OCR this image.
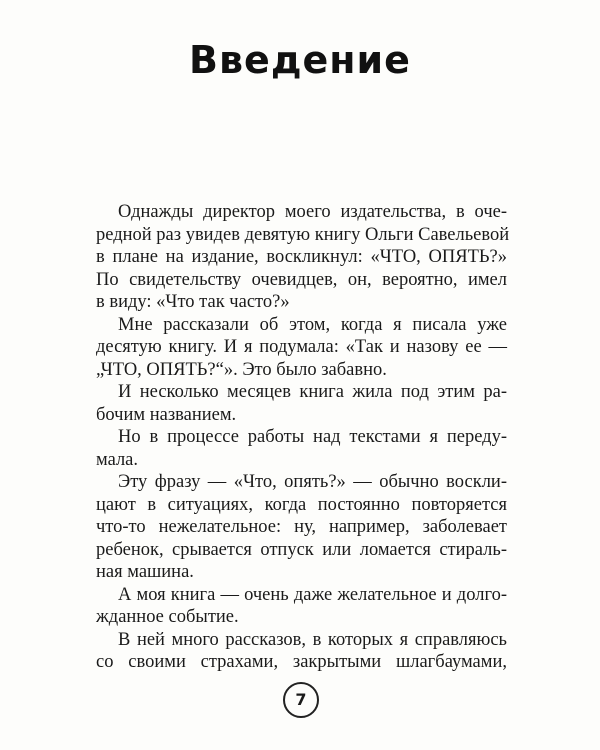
Введение
Однажды директор моего издательства, в оче-
редной раз увидев девятую книгу Ольги Савельевой
в плане на издание, воскликнул: «ЧТО, ОПЯТЬ?»
По свидетельству очевидцев, он, вероятно, имел
в виду: «Что так часто?»
Мне рассказали об этом, когда я писала уже
десятую книгу. И я подумала: «Так и назову ее —
„ЧТО, ОПЯТЬ?“». Это было забавно.
И несколько месяцев книга жила под этим ра-
бочим названием.
Но в процессе работы над текстами я переду-
мала.
Эту фразу — «Что, опять?» — обычно воскли-
цают в ситуациях, когда постоянно повторяется
что-то нежелательное: ну, например, заболевает
ребенок, срывается отпуск или ломается стираль-
ная машина.
А моя книга — очень даже желательное и долго-
жданное событие.
В ней много рассказов, в которых я справляюсь
со своими страхами, закрытыми шлагбаумами,
7
